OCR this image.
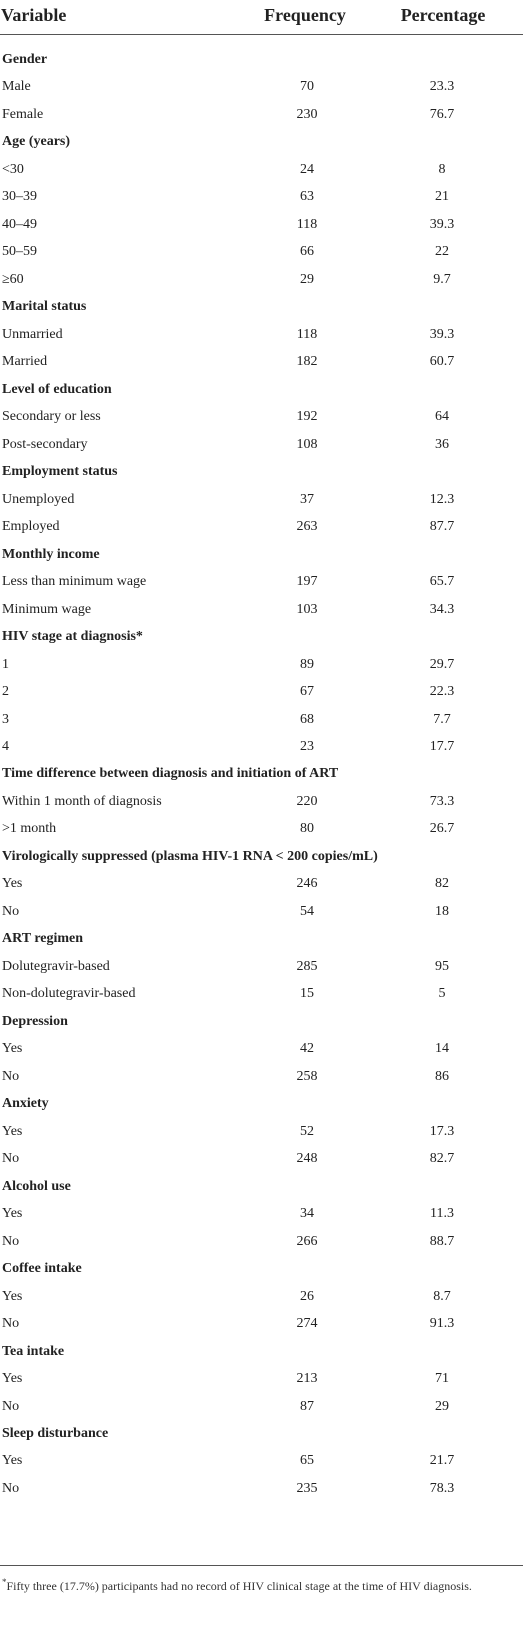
Variable	Frequency	Percentage
Gender
Male	70	23.3
Female	230	76.7
Age (years)
<30	24	8
30–39	63	21
40–49	118	39.3
50–59	66	22
≥60	29	9.7
Marital status
Unmarried	118	39.3
Married	182	60.7
Level of education
Secondary or less	192	64
Post-secondary	108	36
Employment status
Unemployed	37	12.3
Employed	263	87.7
Monthly income
Less than minimum wage	197	65.7
Minimum wage	103	34.3
HIV stage at diagnosis*
1	89	29.7
2	67	22.3
3	68	7.7
4	23	17.7
Time difference between diagnosis and initiation of ART
Within 1 month of diagnosis	220	73.3
>1 month	80	26.7
Virologically suppressed (plasma HIV-1 RNA < 200 copies/mL)
Yes	246	82
No	54	18
ART regimen
Dolutegravir-based	285	95
Non-dolutegravir-based	15	5
Depression
Yes	42	14
No	258	86
Anxiety
Yes	52	17.3
No	248	82.7
Alcohol use
Yes	34	11.3
No	266	88.7
Coffee intake
Yes	26	8.7
No	274	91.3
Tea intake
Yes	213	71
No	87	29
Sleep disturbance
Yes	65	21.7
No	235	78.3
*Fifty three (17.7%) participants had no record of HIV clinical stage at the time of HIV diagnosis.
